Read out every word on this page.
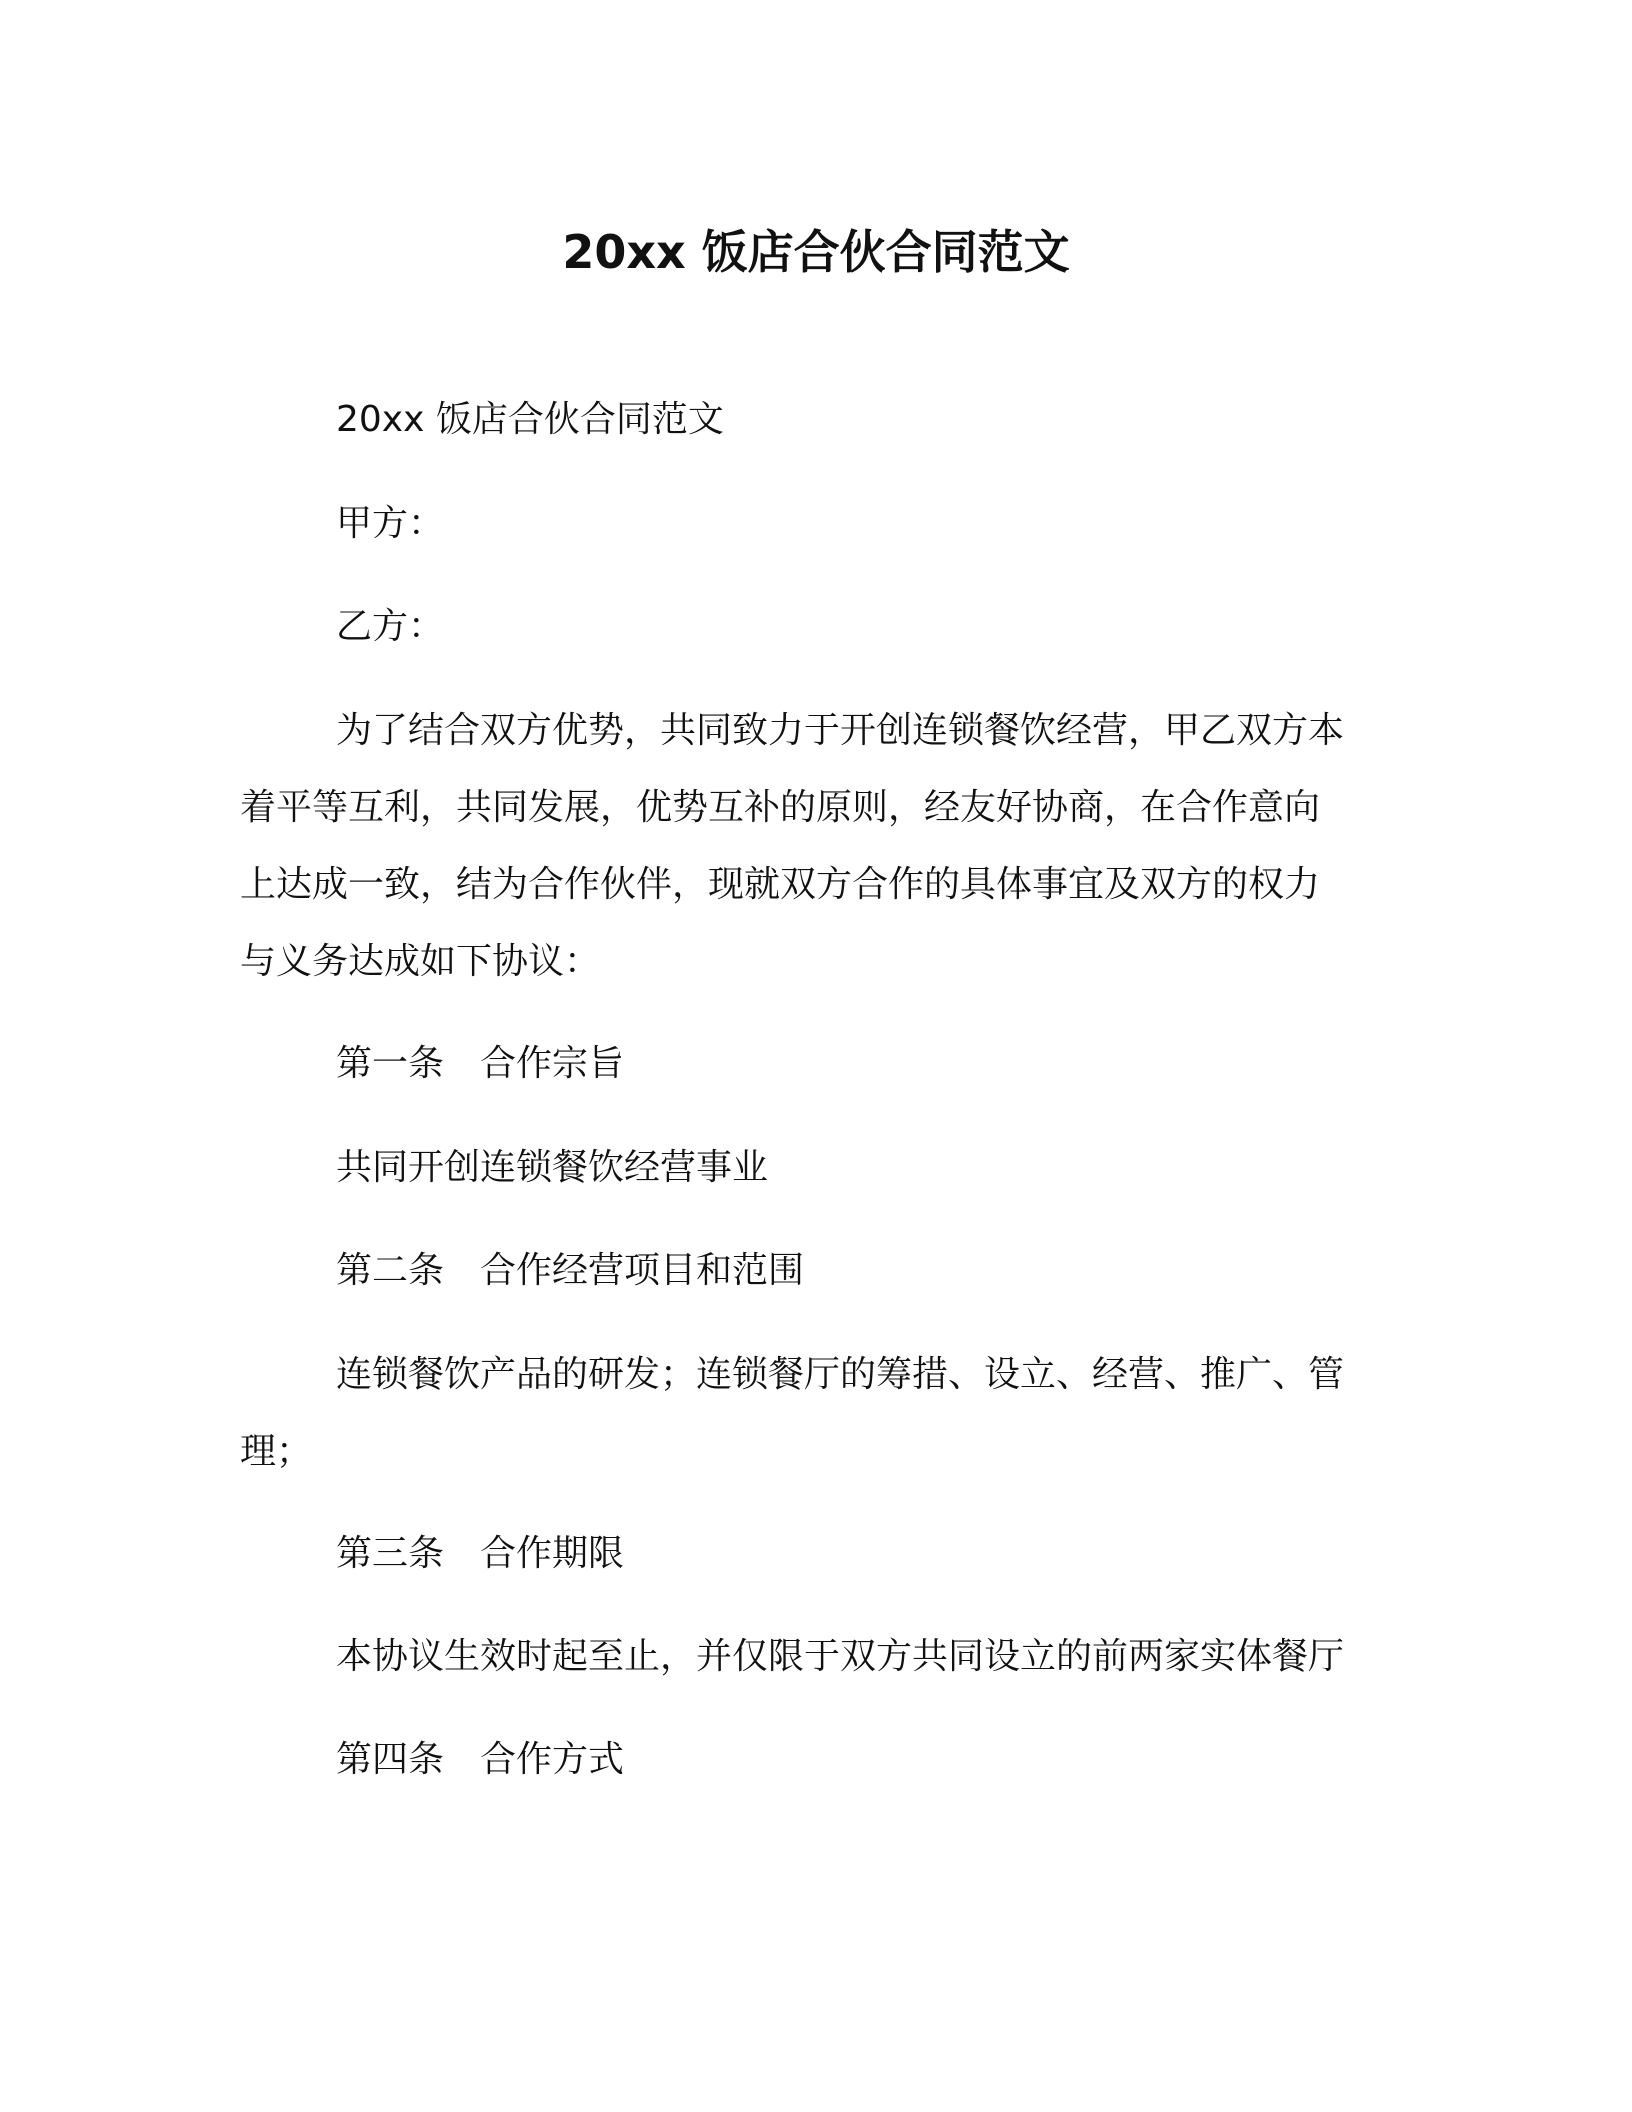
20xx 饭店合伙合同范文
20xx 饭店合伙合同范文
甲方：
乙方：
为了结合双方优势，共同致力于开创连锁餐饮经营，甲乙双方本
着平等互利，共同发展，优势互补的原则，经友好协商，在合作意向
上达成一致，结为合作伙伴，现就双方合作的具体事宜及双方的权力
与义务达成如下协议：
第一条 合作宗旨
共同开创连锁餐饮经营事业
第二条 合作经营项目和范围
连锁餐饮产品的研发；连锁餐厅的筹措、设立、经营、推广、管
理；
第三条 合作期限
本协议生效时起至止，并仅限于双方共同设立的前两家实体餐厅
第四条 合作方式
